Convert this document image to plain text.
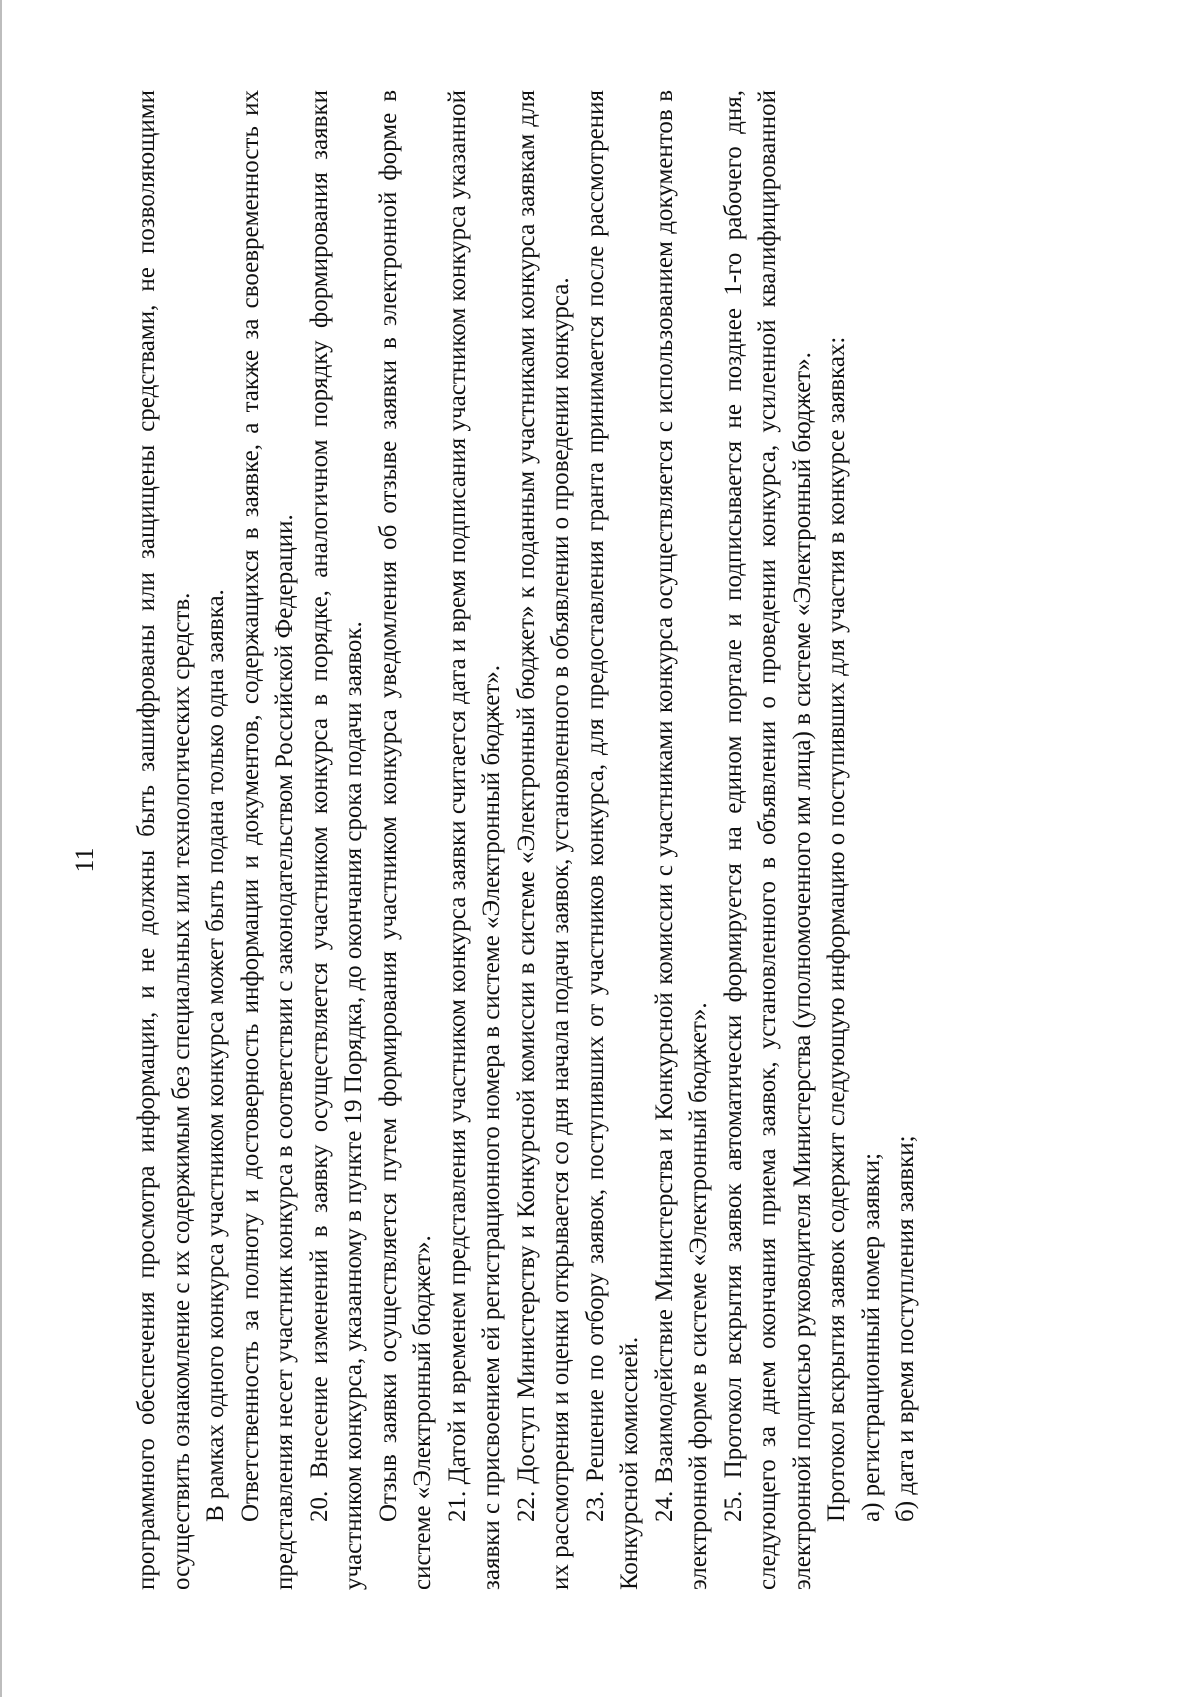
11 программного обеспечения просмотра информации, и не должны быть зашифрованы или защищены средствами, не позволяющими осуществить ознакомление с их содержимым без специальных или технологических средств. В рамках одного конкурса участником конкурса может быть подана только одна заявка. Ответственность за полноту и достоверность информации и документов, содержащихся в заявке, а также за своевременность их представления несет участник конкурса в соответствии с законодательством Российской Федерации. 20. Внесение изменений в заявку осуществляется участником конкурса в порядке, аналогичном порядку формирования заявки участником конкурса, указанному в пункте 19 Порядка, до окончания срока подачи заявок. Отзыв заявки осуществляется путем формирования участником конкурса уведомления об отзыве заявки в электронной форме в системе «Электронный бюджет». 21. Датой и временем представления участником конкурса заявки считается дата и время подписания участником конкурса указанной заявки с присвоением ей регистрационного номера в системе «Электронный бюджет». 22. Доступ Министерству и Конкурсной комиссии в системе «Электронный бюджет» к поданным участниками конкурса заявкам для их рассмотрения и оценки открывается со дня начала подачи заявок, установленного в объявлении о проведении конкурса. 23. Решение по отбору заявок, поступивших от участников конкурса, для предоставления гранта принимается после рассмотрения Конкурсной комиссией. 24. Взаимодействие Министерства и Конкурсной комиссии с участниками конкурса осуществляется с использованием документов в электронной форме в системе «Электронный бюджет». 25. Протокол вскрытия заявок автоматически формируется на едином портале и подписывается не позднее 1-го рабочего дня, следующего за днем окончания приема заявок, установленного в объявлении о проведении конкурса, усиленной квалифицированной электронной подписью руководителя Министерства (уполномоченного им лица) в системе «Электронный бюджет». Протокол вскрытия заявок содержит следующую информацию о поступивших для участия в конкурсе заявках: а) регистрационный номер заявки; б) дата и время поступления заявки;
